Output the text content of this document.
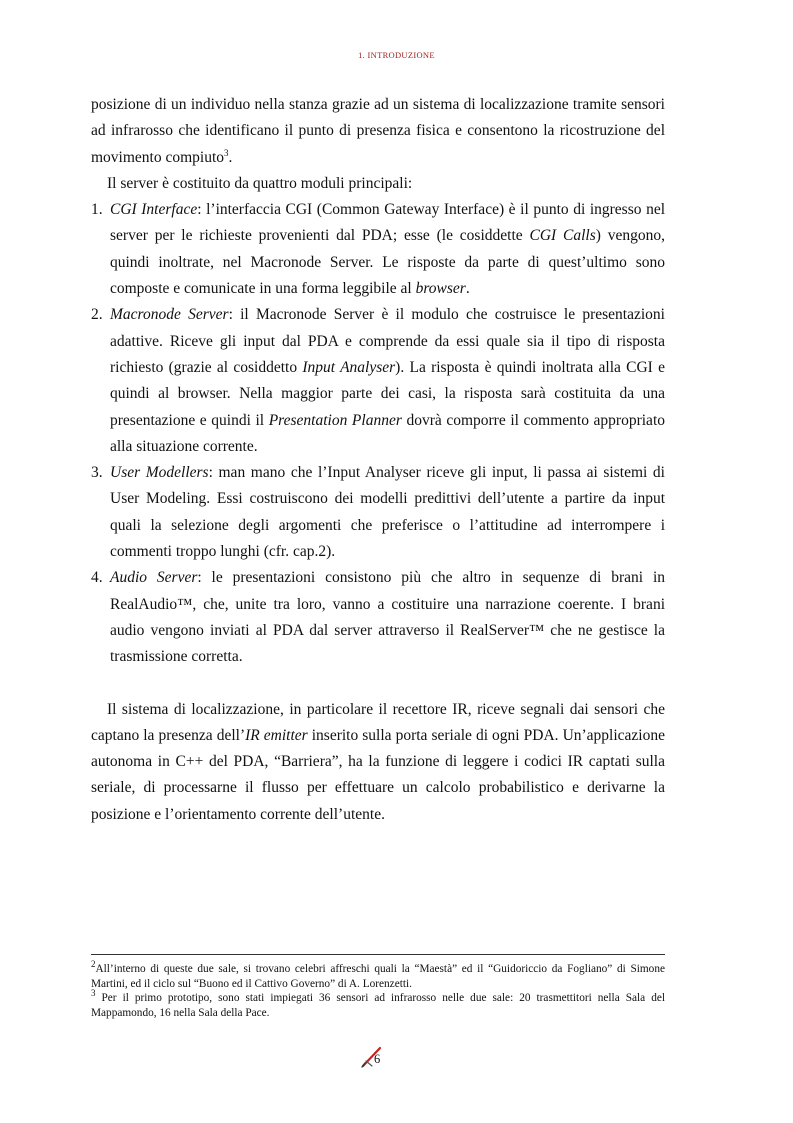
1. INTRODUZIONE

posizione di un individuo nella stanza grazie ad un sistema di localizzazione tramite sensori ad infrarosso che identificano il punto di presenza fisica e consentono la ricostruzione del movimento compiuto$^3$.

Il server è costituito da quattro moduli principali:

1. CGI Interface: l’interfaccia CGI (Common Gateway Interface) è il punto di ingresso nel server per le richieste provenienti dal PDA; esse (le cosiddette CGI Calls) vengono, quindi inoltrate, nel Macronode Server. Le risposte da parte di quest’ultimo sono composte e comunicate in una forma leggibile al browser.
2. Macronode Server: il Macronode Server è il modulo che costruisce le presentazioni adattive. Riceve gli input dal PDA e comprende da essi quale sia il tipo di risposta richiesto (grazie al cosiddetto Input Analyser). La risposta è quindi inoltrata alla CGI e quindi al browser. Nella maggior parte dei casi, la risposta sarà costituita da una presentazione e quindi il Presentation Planner dovrà comporre il commento appropriato alla situazione corrente.
3. User Modellers: man mano che l’Input Analyser riceve gli input, li passa ai sistemi di User Modeling. Essi costruiscono dei modelli predittivi dell’utente a partire da input quali la selezione degli argomenti che preferisce o l’attitudine ad interrompere i commenti troppo lunghi (cfr. cap.2).
4. Audio Server: le presentazioni consistono più che altro in sequenze di brani in RealAudio™, che, unite tra loro, vanno a costituire una narrazione coerente. I brani audio vengono inviati al PDA dal server attraverso il RealServer™ che ne gestisce la trasmissione corretta.

Il sistema di localizzazione, in particolare il recettore IR, riceve segnali dai sensori che captano la presenza dell’IR emitter inserito sulla porta seriale di ogni PDA. Un’applicazione autonoma in C++ del PDA, “Barriera”, ha la funzione di leggere i codici IR captati sulla seriale, di processarne il flusso per effettuare un calcolo probabilistico e derivarne la posizione e l’orientamento corrente dell’utente.

$^2$All’interno di queste due sale, si trovano celebri affreschi quali la “Maestà” ed il “Guidoriccio da Fogliano” di Simone Martini, ed il ciclo sul “Buono ed il Cattivo Governo” di A. Lorenzetti.

$^3$ Per il primo prototipo, sono stati impiegati 36 sensori ad infrarosso nelle due sale: 20 trasmettitori nella Sala del Mappamondo, 16 nella Sala della Pace.

6
